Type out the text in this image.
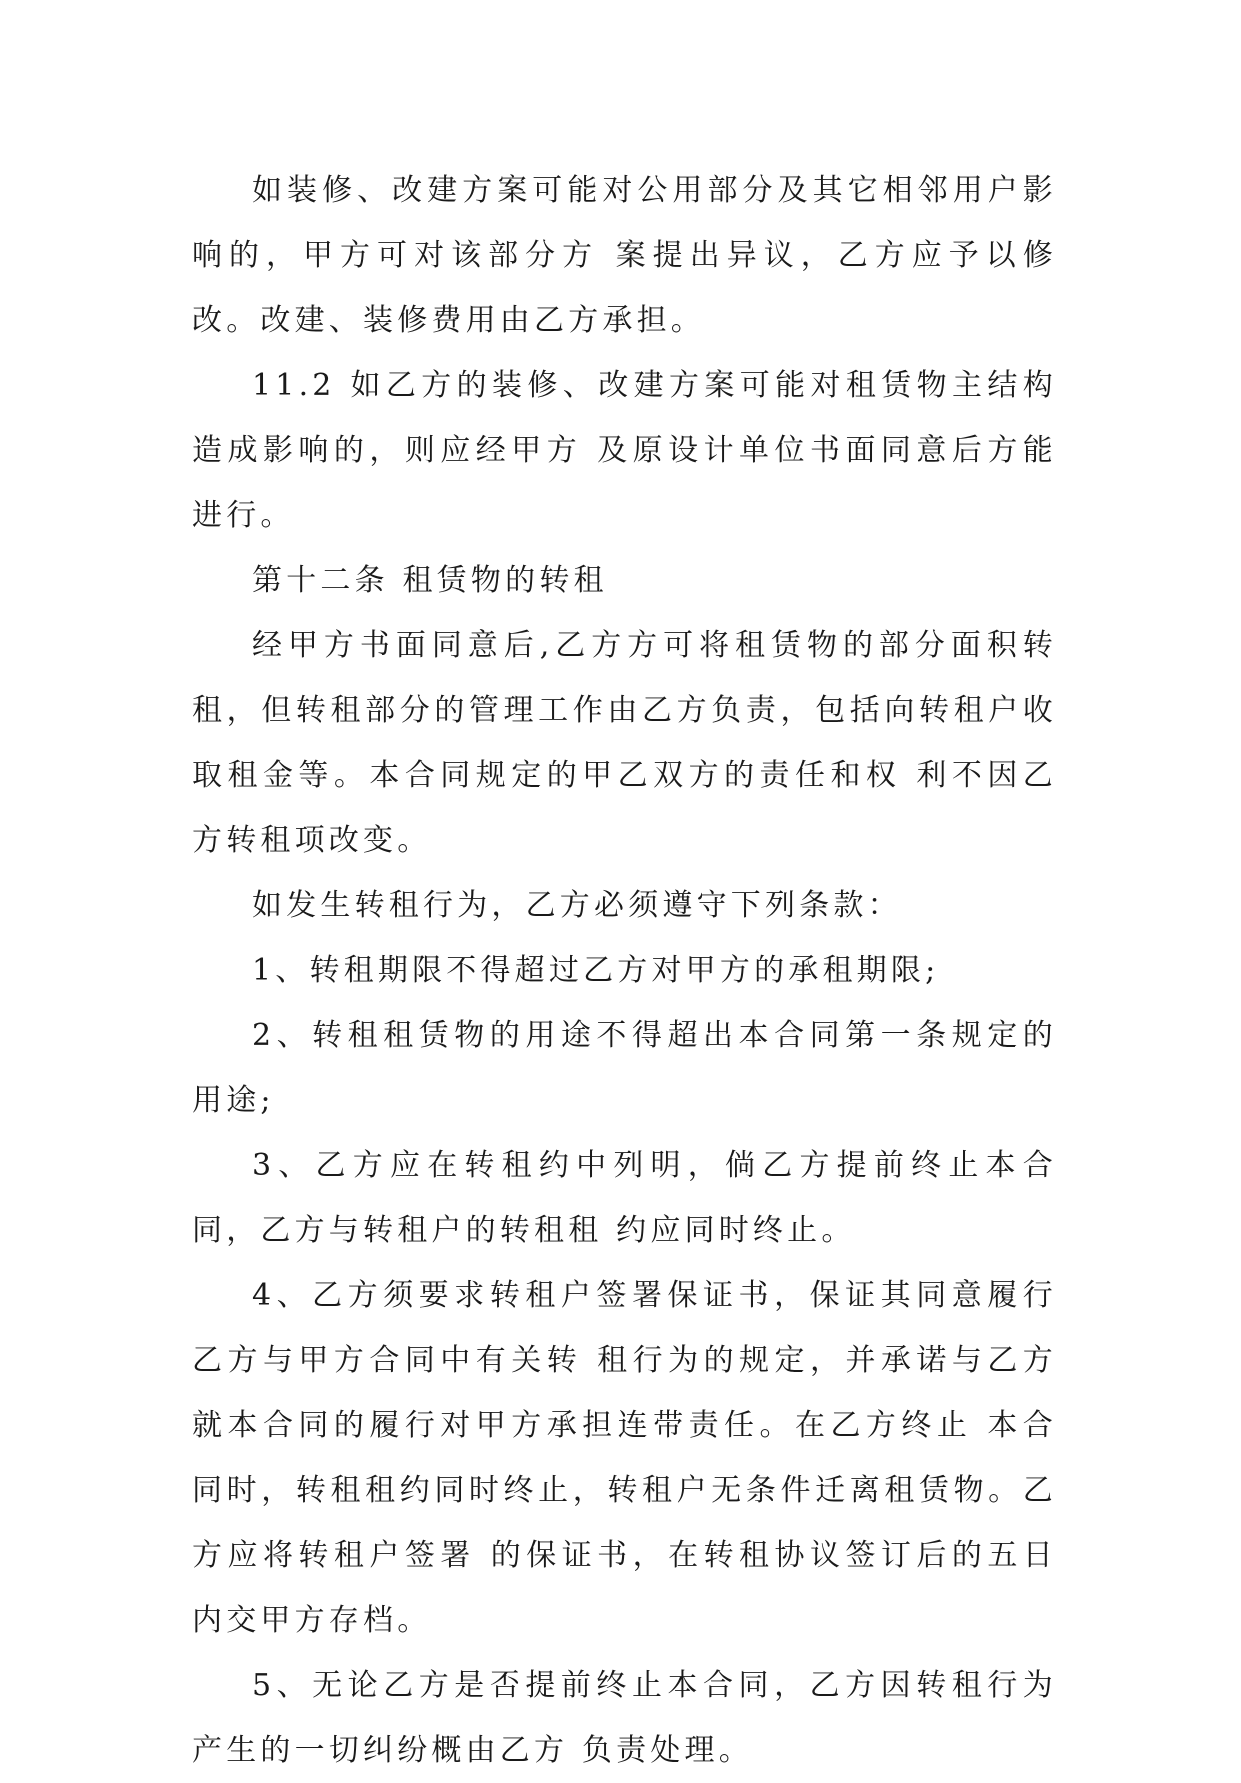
如装修、改建方案可能对公用部分及其它相邻用户影响的，甲方可对该部分方 案提出异议，乙方应予以修改。改建、装修费用由乙方承担。

11.2 如乙方的装修、改建方案可能对租赁物主结构造成影响的，则应经甲方 及原设计单位书面同意后方能进行。

第十二条 租赁物的转租

经甲方书面同意后,乙方方可将租赁物的部分面积转租，但转租部分的管理工作由乙方负责，包括向转租户收取租金等。本合同规定的甲乙双方的责任和权 利不因乙方转租项改变。

如发生转租行为，乙方必须遵守下列条款：

1、转租期限不得超过乙方对甲方的承租期限;

2、转租租赁物的用途不得超出本合同第一条规定的用途;

3、乙方应在转租约中列明，倘乙方提前终止本合同，乙方与转租户的转租租 约应同时终止。

4、乙方须要求转租户签署保证书，保证其同意履行乙方与甲方合同中有关转 租行为的规定，并承诺与乙方就本合同的履行对甲方承担连带责任。在乙方终止 本合同时，转租租约同时终止，转租户无条件迁离租赁物。乙方应将转租户签署 的保证书，在转租协议签订后的五日内交甲方存档。

5、无论乙方是否提前终止本合同，乙方因转租行为产生的一切纠纷概由乙方 负责处理。
